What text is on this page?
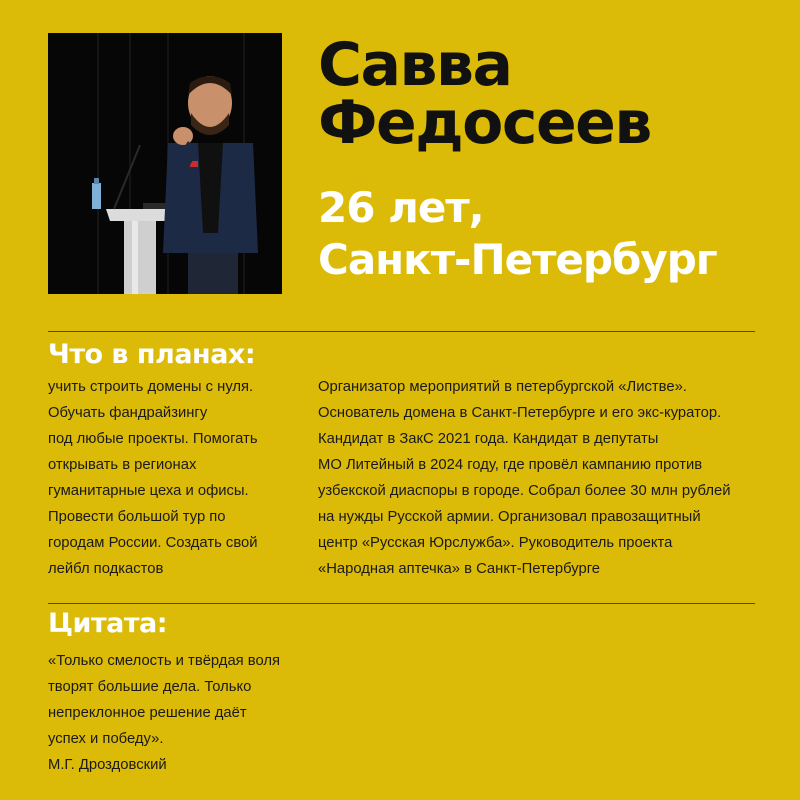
Савва
Федосеев
26 лет,
Санкт-Петербург
Что в планах:
учить строить домены с нуля.
Обучать фандрайзингу
под любые проекты. Помогать
открывать в регионах
гуманитарные цеха и офисы.
Провести большой тур по
городам России. Создать свой
лейбл подкастов
Организатор мероприятий в петербургской «Листве».
Основатель домена в Санкт-Петербурге и его экс-куратор.
Кандидат в ЗакС 2021 года. Кандидат в депутаты
МО Литейный в 2024 году, где провёл кампанию против
узбекской диаспоры в городе. Собрал более 30 млн рублей
на нужды Русской армии. Организовал правозащитный
центр «Русская Юрслужба». Руководитель проекта
«Народная аптечка» в Санкт-Петербурге
Цитата:
«Только смелость и твёрдая воля
творят большие дела. Только
непреклонное решение даёт
успех и победу».
М.Г. Дроздовский
